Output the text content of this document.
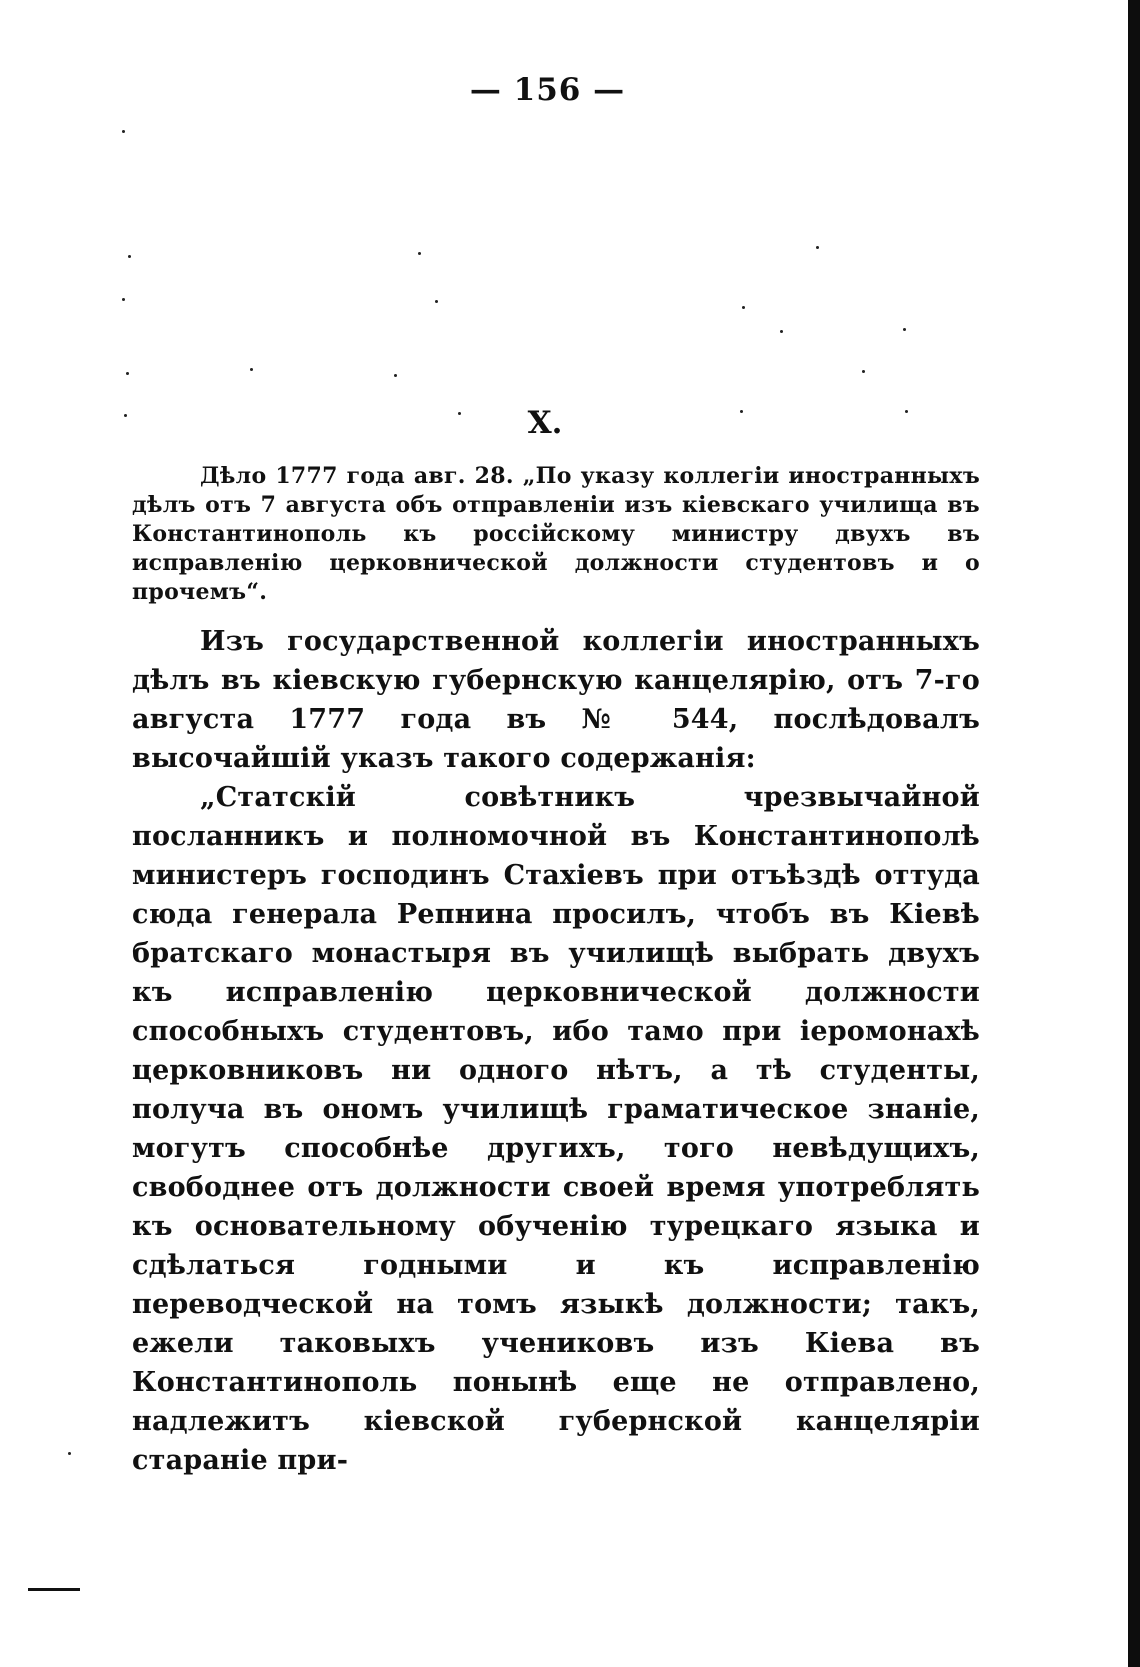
— 156 —
X.
Дѣло 1777 года авг. 28. „По указу коллегіи иностранныхъ дѣлъ отъ 7 августа объ отправленіи изъ кіевскаго училища въ Константинополь къ россійскому министру двухъ въ исправленію церковнической должности студентовъ и о прочемъ“.

Изъ государственной коллегіи иностранныхъ дѣлъ въ кіевскую губернскую канцелярію, отъ 7-го августа 1777 года въ № 544, послѣдовалъ высочайшій указъ такого содержанія:

„Статскій совѣтникъ чрезвычайной посланникъ и полномочной въ Константинополѣ министеръ господинъ Стахіевъ при отъѣздѣ оттуда сюда генерала Репнина просилъ, чтобъ въ Кіевѣ братскаго монастыря въ училищѣ выбрать двухъ къ исправленію церковнической должности способныхъ студентовъ, ибо тамо при іеромонахѣ церковниковъ ни одного нѣтъ, а тѣ студенты, получа въ ономъ училищѣ граматическое знаніе, могутъ способнѣе другихъ, того невѣдущихъ, свободнее отъ должности своей время употреблять къ основательному обученію турецкаго языка и сдѣлаться годными и къ исправленію переводческой на томъ языкѣ должности; такъ, ежели таковыхъ учениковъ изъ Кіева въ Константинополь понынѣ еще не отправлено, надлежитъ кіевской губернской канцеляріи стараніе при-
